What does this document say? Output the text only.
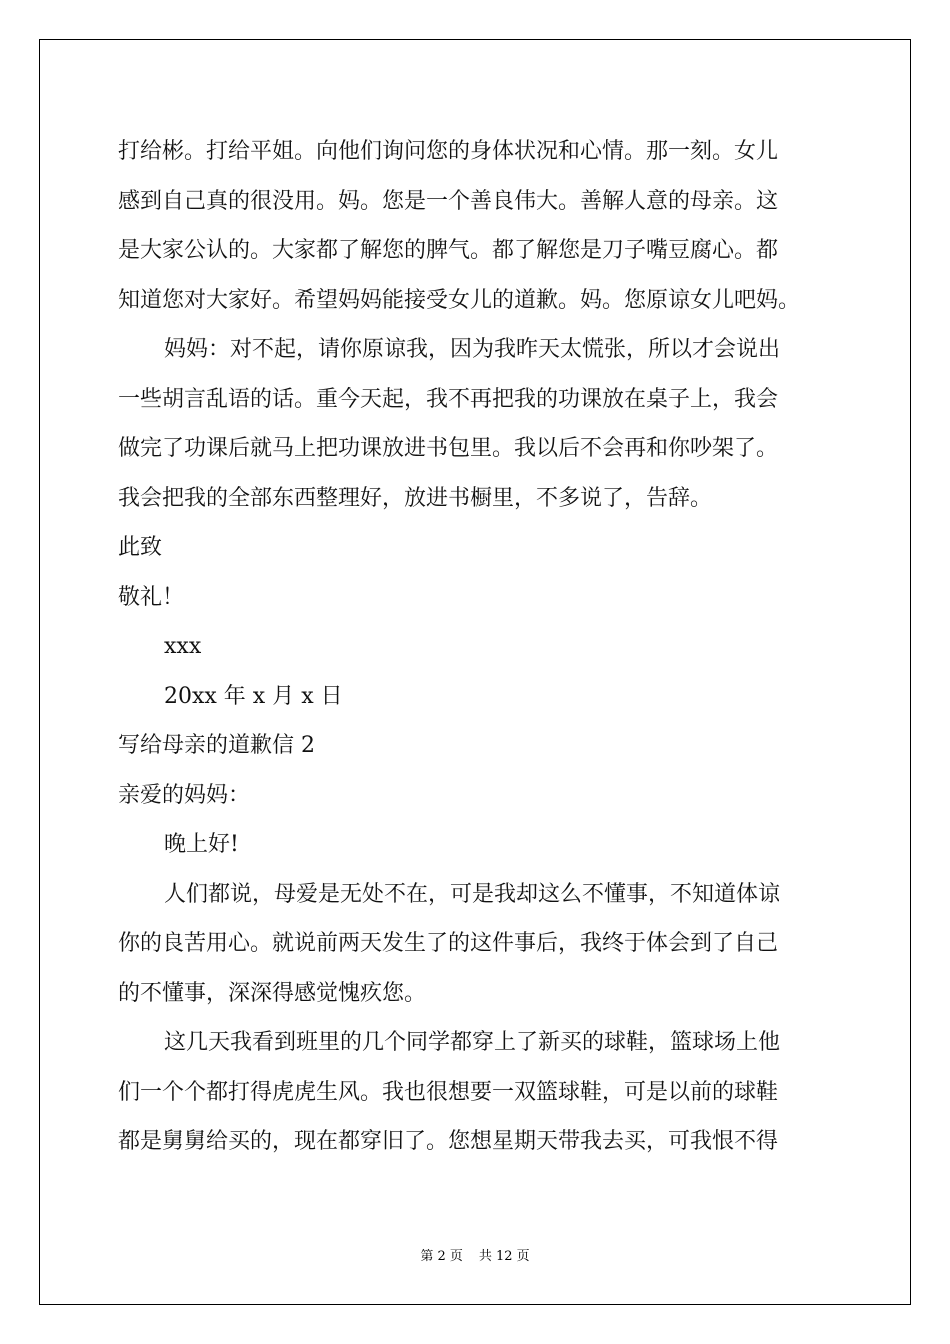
打给彬。打给平姐。向他们询问您的身体状况和心情。那一刻。女儿

感到自己真的很没用。妈。您是一个善良伟大。善解人意的母亲。这

是大家公认的。大家都了解您的脾气。都了解您是刀子嘴豆腐心。都

知道您对大家好。希望妈妈能接受女儿的道歉。妈。您原谅女儿吧妈。

妈妈：对不起，请你原谅我，因为我昨天太慌张，所以才会说出

一些胡言乱语的话。重今天起，我不再把我的功课放在桌子上，我会

做完了功课后就马上把功课放进书包里。我以后不会再和你吵架了。

我会把我的全部东西整理好，放进书橱里，不多说了，告辞。

此致

敬礼！

xxx

20xx 年 x 月 x 日

写给母亲的道歉信 2

亲爱的妈妈：

晚上好!

人们都说，母爱是无处不在，可是我却这么不懂事，不知道体谅

你的良苦用心。就说前两天发生了的这件事后，我终于体会到了自己

的不懂事，深深得感觉愧疚您。

这几天我看到班里的几个同学都穿上了新买的球鞋，篮球场上他

们一个个都打得虎虎生风。我也很想要一双篮球鞋，可是以前的球鞋

都是舅舅给买的，现在都穿旧了。您想星期天带我去买，可我恨不得

第 2 页 共 12 页
